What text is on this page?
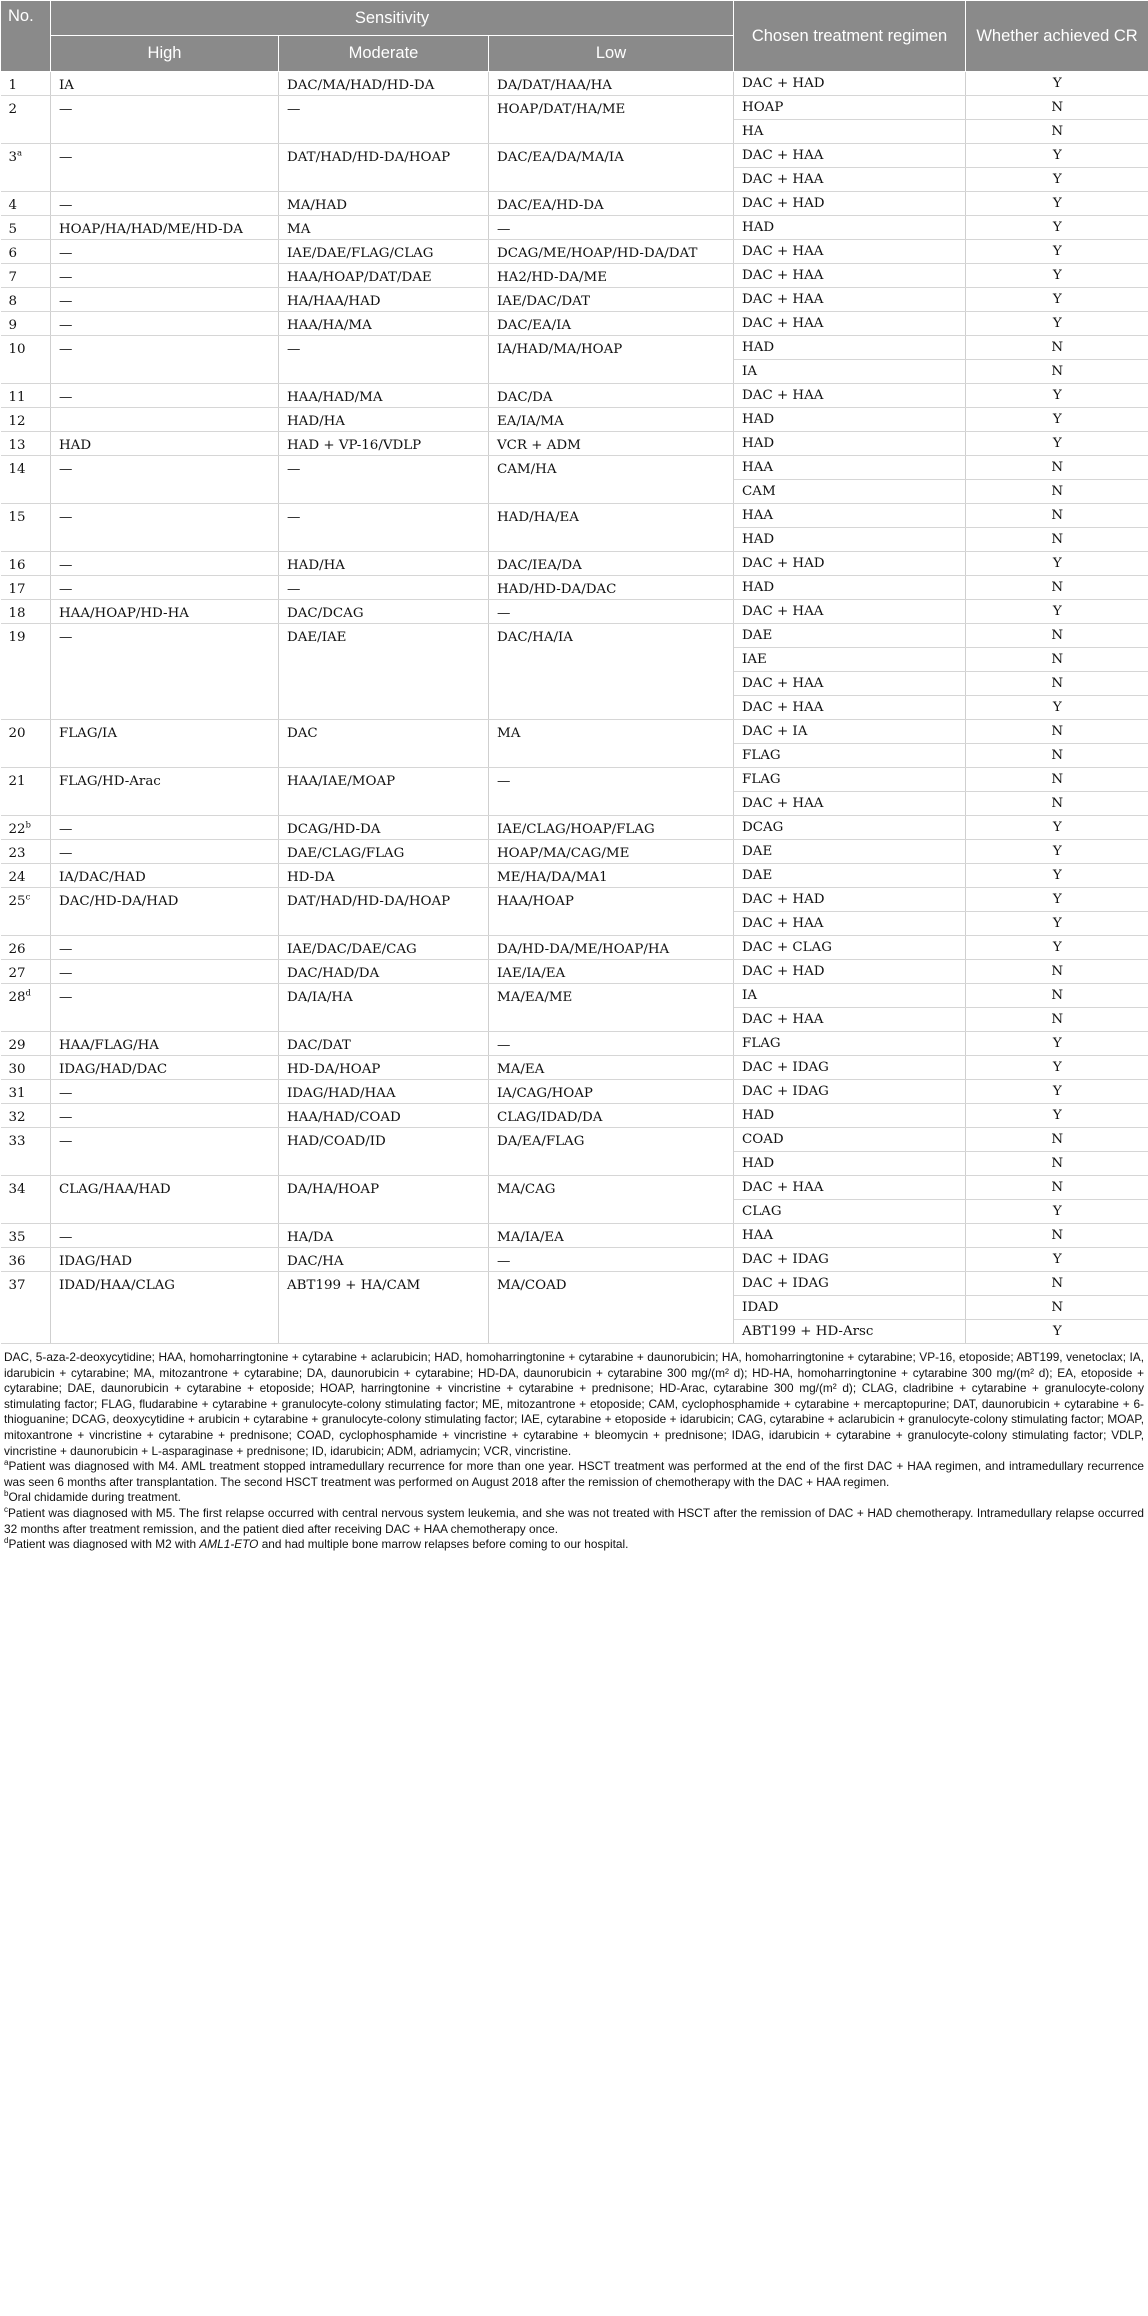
No.	Sensitivity			Chosen treatment regimen	Whether achieved CR
	High	Moderate	Low		
1	IA	DAC/MA/HAD/HD-DA	DA/DAT/HAA/HA	DAC + HAD	Y
2	—	—	HOAP/DAT/HA/ME	HOAP	N
				HA	N
3$^a$	—	DAT/HAD/HD-DA/HOAP	DAC/EA/DA/MA/IA	DAC + HAA	Y
				DAC + HAA	Y
4	—	MA/HAD	DAC/EA/HD-DA	DAC + HAD	Y
5	HOAP/HA/HAD/ME/HD-DA	MA	—	HAD	Y
6	—	IAE/DAE/FLAG/CLAG	DCAG/ME/HOAP/HD-DA/DAT	DAC + HAA	Y
7	—	HAA/HOAP/DAT/DAE	HA2/HD-DA/ME	DAC + HAA	Y
8	—	HA/HAA/HAD	IAE/DAC/DAT	DAC + HAA	Y
9	—	HAA/HA/MA	DAC/EA/IA	DAC + HAA	Y
10	—	—	IA/HAD/MA/HOAP	HAD	N
				IA	N
11	—	HAA/HAD/MA	DAC/DA	DAC + HAA	Y
12		HAD/HA	EA/IA/MA	HAD	Y
13	HAD	HAD + VP-16/VDLP	VCR + ADM	HAD	Y
14	—	—	CAM/HA	HAA	N
				CAM	N
15	—	—	HAD/HA/EA	HAA	N
				HAD	N
16	—	HAD/HA	DAC/IEA/DA	DAC + HAD	Y
17	—	—	HAD/HD-DA/DAC	HAD	N
18	HAA/HOAP/HD-HA	DAC/DCAG	—	DAC + HAA	Y
19	—	DAE/IAE	DAC/HA/IA	DAE	N
				IAE	N
				DAC + HAA	N
				DAC + HAA	Y
20	FLAG/IA	DAC	MA	DAC + IA	N
				FLAG	N
21	FLAG/HD-Arac	HAA/IAE/MOAP	—	FLAG	N
				DAC + HAA	N
22$^b$	—	DCAG/HD-DA	IAE/CLAG/HOAP/FLAG	DCAG	Y
23	—	DAE/CLAG/FLAG	HOAP/MA/CAG/ME	DAE	Y
24	IA/DAC/HAD	HD-DA	ME/HA/DA/MA1	DAE	Y
25$^c$	DAC/HD-DA/HAD	DAT/HAD/HD-DA/HOAP	HAA/HOAP	DAC + HAD	Y
				DAC + HAA	Y
26	—	IAE/DAC/DAE/CAG	DA/HD-DA/ME/HOAP/HA	DAC + CLAG	Y
27	—	DAC/HAD/DA	IAE/IA/EA	DAC + HAD	N
28$^d$	—	DA/IA/HA	MA/EA/ME	IA	N
				DAC + HAA	N
29	HAA/FLAG/HA	DAC/DAT	—	FLAG	Y
30	IDAG/HAD/DAC	HD-DA/HOAP	MA/EA	DAC + IDAG	Y
31	—	IDAG/HAD/HAA	IA/CAG/HOAP	DAC + IDAG	Y
32	—	HAA/HAD/COAD	CLAG/IDAD/DA	HAD	Y
33	—	HAD/COAD/ID	DA/EA/FLAG	COAD	N
				HAD	N
34	CLAG/HAA/HAD	DA/HA/HOAP	MA/CAG	DAC + HAA	N
				CLAG	Y
35	—	HA/DA	MA/IA/EA	HAA	N
36	IDAG/HAD	DAC/HA	—	DAC + IDAG	Y
37	IDAD/HAA/CLAG	ABT199 + HA/CAM	MA/COAD	DAC + IDAG	N
				IDAD	N
				ABT199 + HD-Arsc	Y

DAC, 5-aza-2-deoxycytidine; HAA, homoharringtonine + cytarabine + aclarubicin; HAD, homoharringtonine + cytarabine + daunorubicin; HA, homoharringtonine + cytarabine; VP-16, etoposide; ABT199, venetoclax; IA, idarubicin + cytarabine; MA, mitozantrone + cytarabine; DA, daunorubicin + cytarabine; HD-DA, daunorubicin + cytarabine 300 mg/(m² d); HD-HA, homoharringtonine + cytarabine 300 mg/(m² d); EA, etoposide + cytarabine; DAE, daunorubicin + cytarabine + etoposide; HOAP, harringtonine + vincristine + cytarabine + prednisone; HD-Arac, cytarabine 300 mg/(m² d); CLAG, cladribine + cytarabine + granulocyte-colony stimulating factor; FLAG, fludarabine + cytarabine + granulocyte-colony stimulating factor; ME, mitozantrone + etoposide; CAM, cyclophosphamide + cytarabine + mercaptopurine; DAT, daunorubicin + cytarabine + 6-thioguanine; DCAG, deoxycytidine + arubicin + cytarabine + granulocyte-colony stimulating factor; IAE, cytarabine + etoposide + idarubicin; CAG, cytarabine + aclarubicin + granulocyte-colony stimulating factor; MOAP, mitoxantrone + vincristine + cytarabine + prednisone; COAD, cyclophosphamide + vincristine + cytarabine + bleomycin + prednisone; IDAG, idarubicin + cytarabine + granulocyte-colony stimulating factor; VDLP, vincristine + daunorubicin + L-asparaginase + prednisone; ID, idarubicin; ADM, adriamycin; VCR, vincristine.

$^a$Patient was diagnosed with M4. AML treatment stopped intramedullary recurrence for more than one year. HSCT treatment was performed at the end of the first DAC + HAA regimen, and intramedullary recurrence was seen 6 months after transplantation. The second HSCT treatment was performed on August 2018 after the remission of chemotherapy with the DAC + HAA regimen.

$^b$Oral chidamide during treatment.

$^c$Patient was diagnosed with M5. The first relapse occurred with central nervous system leukemia, and she was not treated with HSCT after the remission of DAC + HAD chemotherapy. Intramedullary relapse occurred 32 months after treatment remission, and the patient died after receiving DAC + HAA chemotherapy once.

$^d$Patient was diagnosed with M2 with AML1-ETO and had multiple bone marrow relapses before coming to our hospital.
